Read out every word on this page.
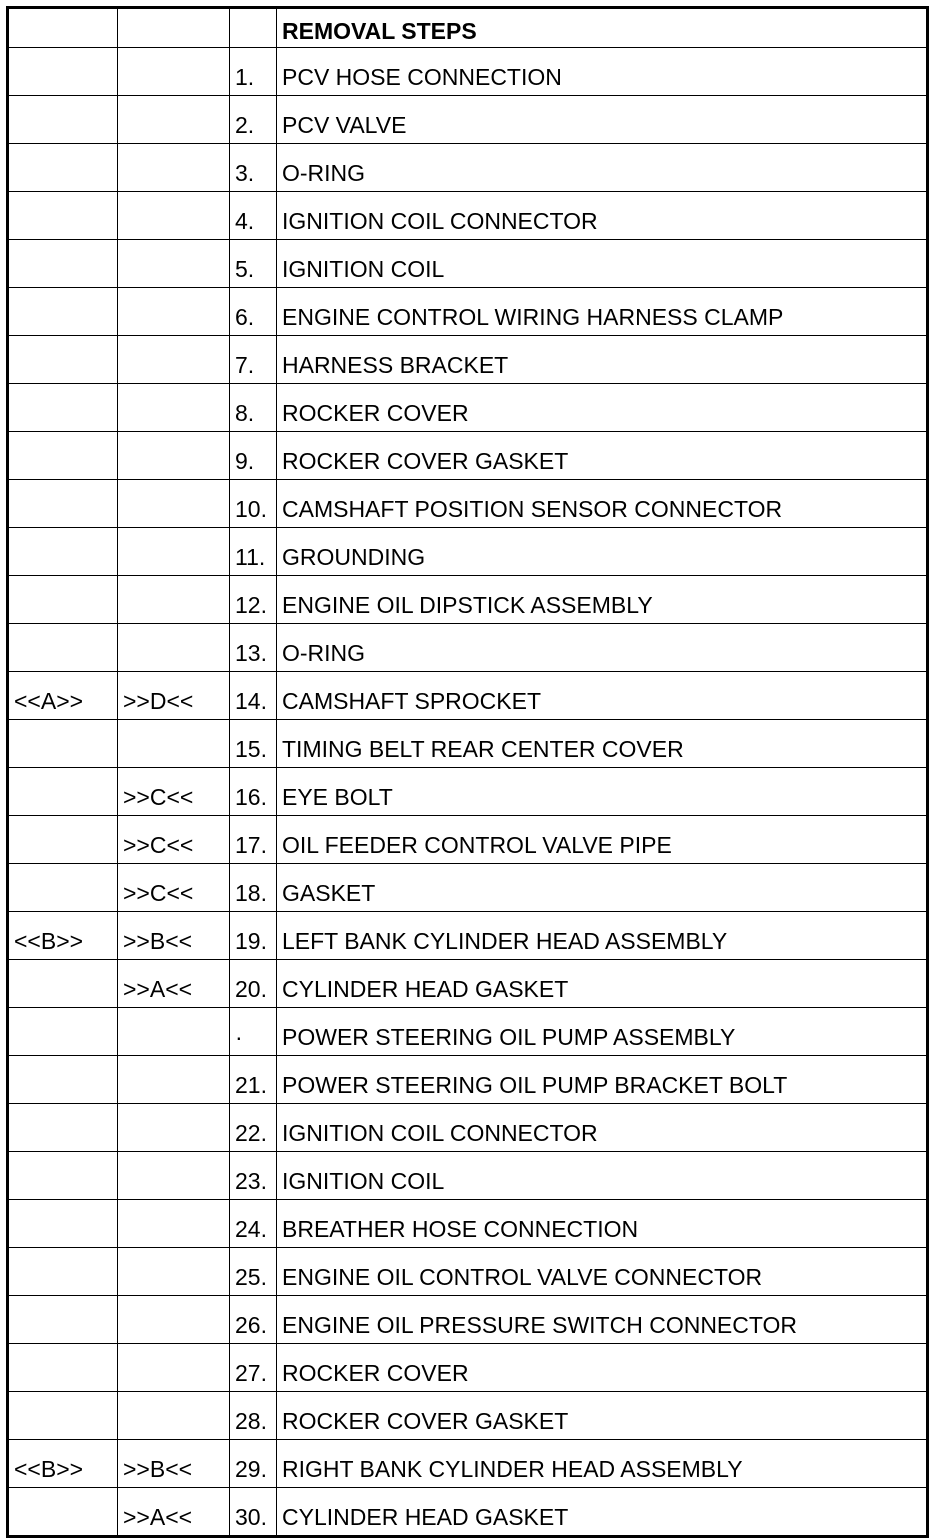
			REMOVAL STEPS
		1.	PCV HOSE CONNECTION
		2.	PCV VALVE
		3.	O-RING
		4.	IGNITION COIL CONNECTOR
		5.	IGNITION COIL
		6.	ENGINE CONTROL WIRING HARNESS CLAMP
		7.	HARNESS BRACKET
		8.	ROCKER COVER
		9.	ROCKER COVER GASKET
		10.	CAMSHAFT POSITION SENSOR CONNECTOR
		11.	GROUNDING
		12.	ENGINE OIL DIPSTICK ASSEMBLY
		13.	O-RING
<<A>>	>>D<<	14.	CAMSHAFT SPROCKET
		15.	TIMING BELT REAR CENTER COVER
	>>C<<	16.	EYE BOLT
	>>C<<	17.	OIL FEEDER CONTROL VALVE PIPE
	>>C<<	18.	GASKET
<<B>>	>>B<<	19.	LEFT BANK CYLINDER HEAD ASSEMBLY
	>>A<<	20.	CYLINDER HEAD GASKET
		·	POWER STEERING OIL PUMP ASSEMBLY
		21.	POWER STEERING OIL PUMP BRACKET BOLT
		22.	IGNITION COIL CONNECTOR
		23.	IGNITION COIL
		24.	BREATHER HOSE CONNECTION
		25.	ENGINE OIL CONTROL VALVE CONNECTOR
		26.	ENGINE OIL PRESSURE SWITCH CONNECTOR
		27.	ROCKER COVER
		28.	ROCKER COVER GASKET
<<B>>	>>B<<	29.	RIGHT BANK CYLINDER HEAD ASSEMBLY
	>>A<<	30.	CYLINDER HEAD GASKET
